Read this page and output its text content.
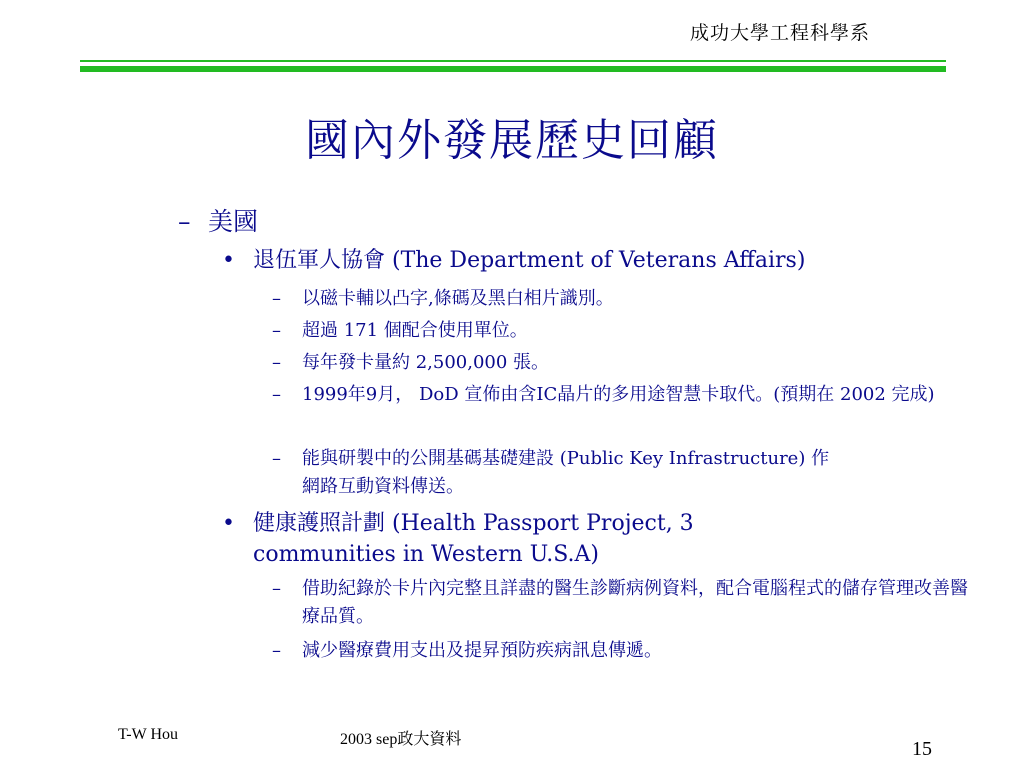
成功大學工程科學系
國內外發展歷史回顧
– 美國
• 退伍軍人協會 (The Department of Veterans Affairs)
– 以磁卡輔以凸字,條碼及黑白相片識別。
– 超過 171 個配合使用單位。
– 每年發卡量約 2,500,000 張。
– 1999年9月， DoD 宣佈由含IC晶片的多用途智慧卡取代。(預期在 2002 完成)
– 能與研製中的公開基碼基礎建設 (Public Key Infrastructure) 作網路互動資料傳送。
• 健康護照計劃 (Health Passport Project, 3 communities in Western U.S.A)
– 借助紀錄於卡片內完整且詳盡的醫生診斷病例資料，配合電腦程式的儲存管理改善醫療品質。
– 減少醫療費用支出及提昇預防疾病訊息傳遞。
T-W Hou	2003 sep政大資料	15
